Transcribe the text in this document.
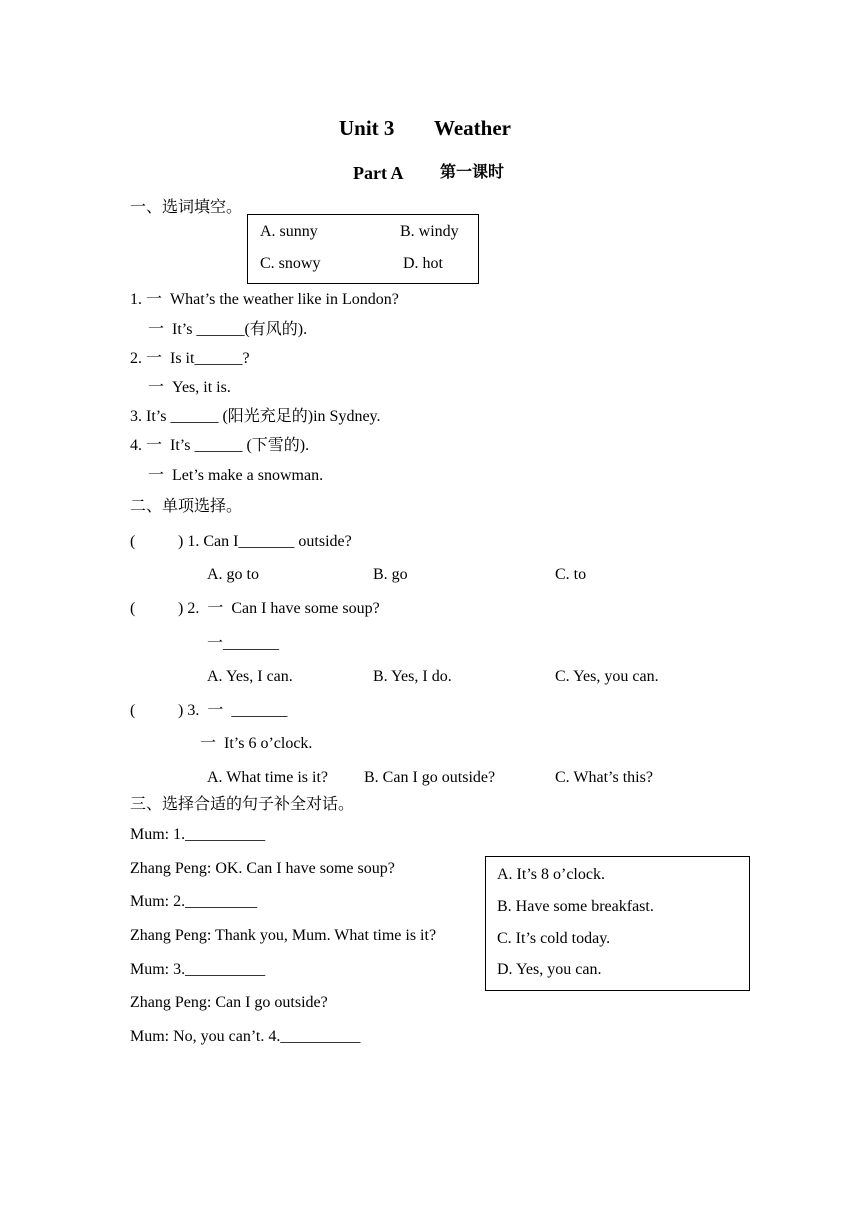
Unit 3 Weather
Part A 第一课时
一、选词填空。
A. sunny	B. windy
C. snowy	D. hot
1. 一  What’s the weather like in London?
一  It’s ______(有风的).
2. 一  Is it______?
一  Yes, it is.
3. It’s ______ (阳光充足的)in Sydney.
4. 一  It’s ______ (下雪的).
一  Let’s make a snowman.
二、单项选择。
(	) 1. Can I_______ outside?
A. go to	B. go	C. to
(	) 2.  一  Can I have some soup?
一_______
A. Yes, I can.	B. Yes, I do.	C. Yes, you can.
(	) 3.  一  _______
一  It’s 6 o’clock.
A. What time is it? B. Can I go outside?	C. What’s this?
三、选择合适的句子补全对话。
Mum: 1.__________
Zhang Peng: OK. Can I have some soup?
Mum: 2._________
Zhang Peng: Thank you, Mum. What time is it?
Mum: 3.__________
Zhang Peng: Can I go outside?
Mum: No, you can’t. 4.__________
A. It’s 8 o’clock.
B. Have some breakfast.
C. It’s cold today.
D. Yes, you can.
